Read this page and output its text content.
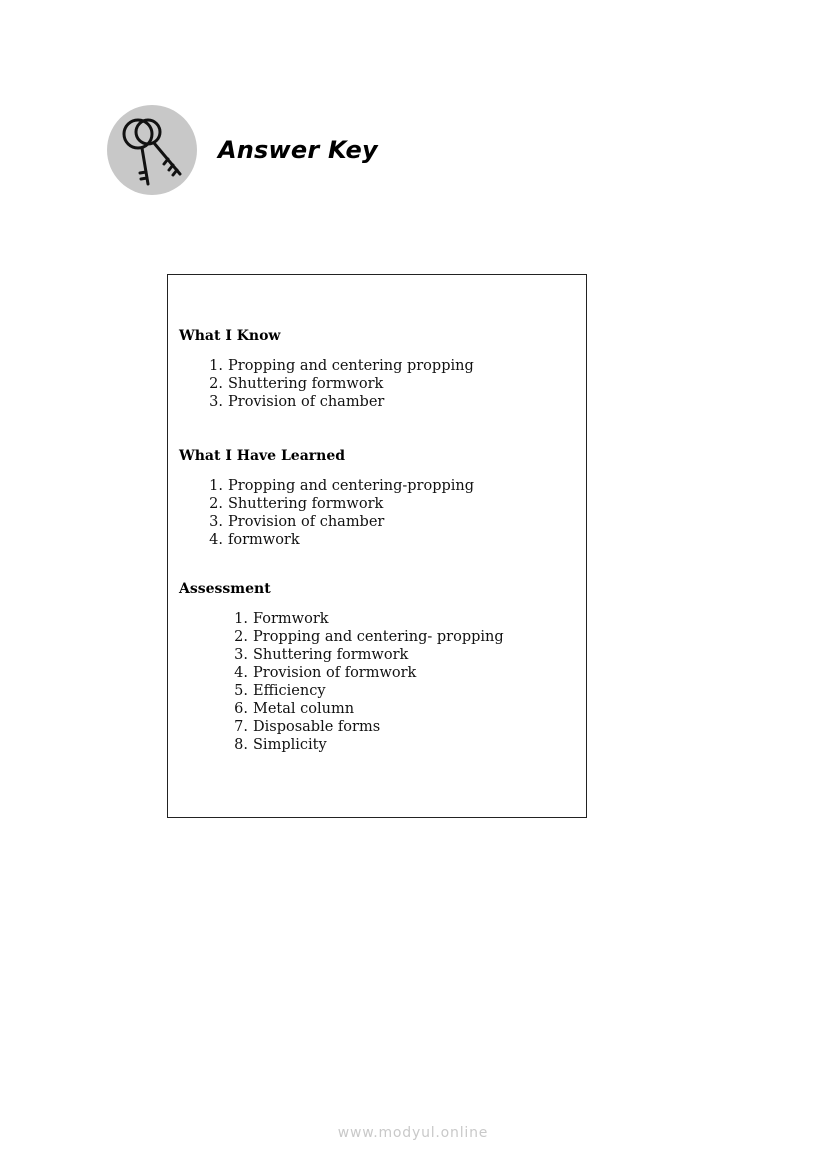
Answer Key
What I Know
1. Propping and centering propping
2. Shuttering formwork
3. Provision of chamber
What I Have Learned
1. Propping and centering-propping
2. Shuttering formwork
3. Provision of chamber
4. formwork
Assessment
1. Formwork
2. Propping and centering- propping
3. Shuttering formwork
4. Provision of formwork
5. Efficiency
6. Metal column
7. Disposable forms
8. Simplicity
www.modyul.online
